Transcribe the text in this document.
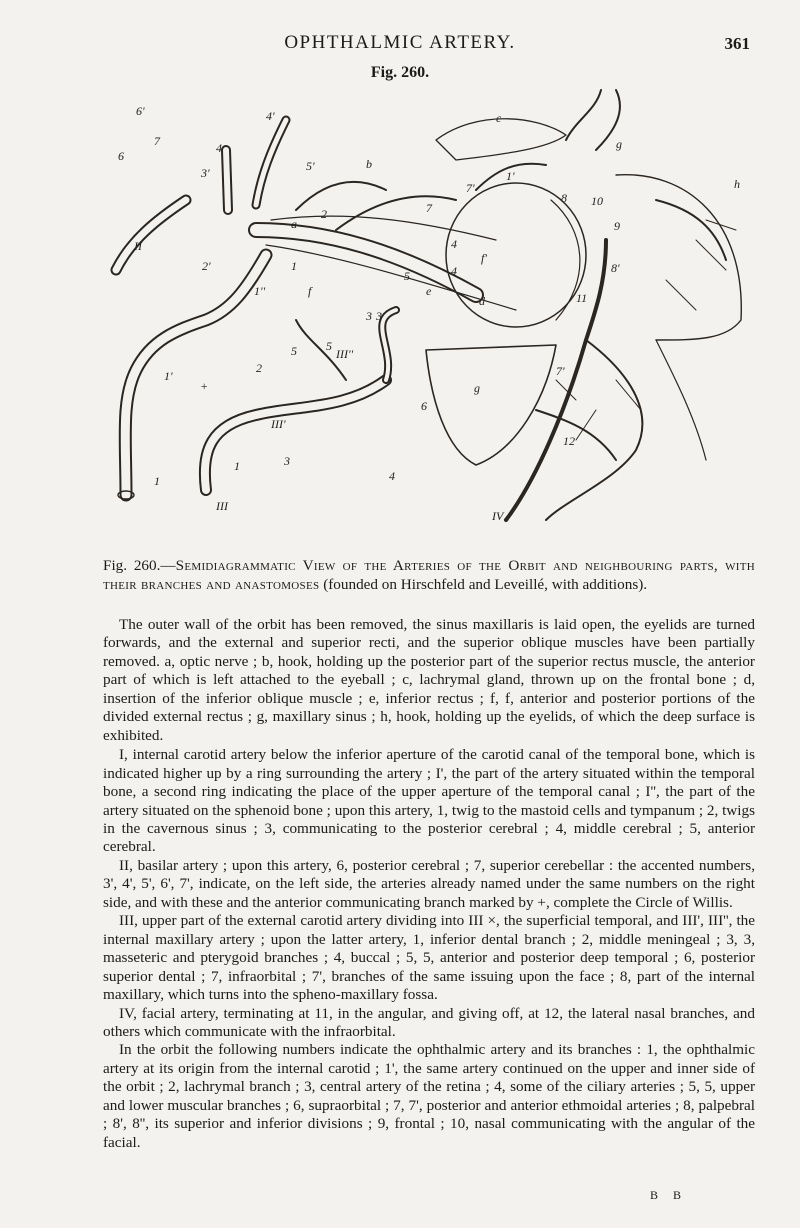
OPHTHALMIC ARTERY.	361
Fig. 260.
6'	4'
7
6
4
3'	5'	b
c
1'
g
h
7'
a
2	7
II
2'
1''
1
f
5
3
4
e
4
d
f'
10
9
8
8'
11
III''
5
3
1'
2
5
+
III'
III
1	3
4
6
7'
12
IV
1
g
Fig. 260.—Semidiagrammatic View of the Arteries of the Orbit and neighbouring parts, with their branches and anastomoses (founded on Hirschfeld and Leveillé, with additions).

The outer wall of the orbit has been removed, the sinus maxillaris is laid open, the eyelids are turned forwards, and the external and superior recti, and the superior oblique muscles have been partially removed. a, optic nerve ; b, hook, holding up the posterior part of the superior rectus muscle, the anterior part of which is left attached to the eyeball ; c, lachrymal gland, thrown up on the frontal bone ; d, insertion of the inferior oblique muscle ; e, inferior rectus ; f, f, anterior and posterior portions of the divided external rectus ; g, maxillary sinus ; h, hook, holding up the eyelids, of which the deep surface is exhibited.

I, internal carotid artery below the inferior aperture of the carotid canal of the temporal bone, which is indicated higher up by a ring surrounding the artery ; I', the part of the artery situated within the temporal bone, a second ring indicating the place of the upper aperture of the temporal canal ; I'', the part of the artery situated on the sphenoid bone ; upon this artery, 1, twig to the mastoid cells and tympanum ; 2, twigs in the cavernous sinus ; 3, communicating to the posterior cerebral ; 4, middle cerebral ; 5, anterior cerebral.

II, basilar artery ; upon this artery, 6, posterior cerebral ; 7, superior cerebellar : the accented numbers, 3', 4', 5', 6', 7', indicate, on the left side, the arteries already named under the same numbers on the right side, and with these and the anterior communicating branch marked by +, complete the Circle of Willis.

III, upper part of the external carotid artery dividing into III ×, the superficial temporal, and III', III'', the internal maxillary artery ; upon the latter artery, 1, inferior dental branch ; 2, middle meningeal ; 3, 3, masseteric and pterygoid branches ; 4, buccal ; 5, 5, anterior and posterior deep temporal ; 6, posterior superior dental ; 7, infraorbital ; 7', branches of the same issuing upon the face ; 8, part of the internal maxillary, which turns into the spheno-maxillary fossa.

IV, facial artery, terminating at 11, in the angular, and giving off, at 12, the lateral nasal branches, and others which communicate with the infraorbital.

In the orbit the following numbers indicate the ophthalmic artery and its branches : 1, the ophthalmic artery at its origin from the internal carotid ; 1', the same artery continued on the upper and inner side of the orbit ; 2, lachrymal branch ; 3, central artery of the retina ; 4, some of the ciliary arteries ; 5, 5, upper and lower muscular branches ; 6, supraorbital ; 7, 7', posterior and anterior ethmoidal arteries ; 8, palpebral ; 8', 8'', its superior and inferior divisions ; 9, frontal ; 10, nasal communicating with the angular of the facial.

B B
